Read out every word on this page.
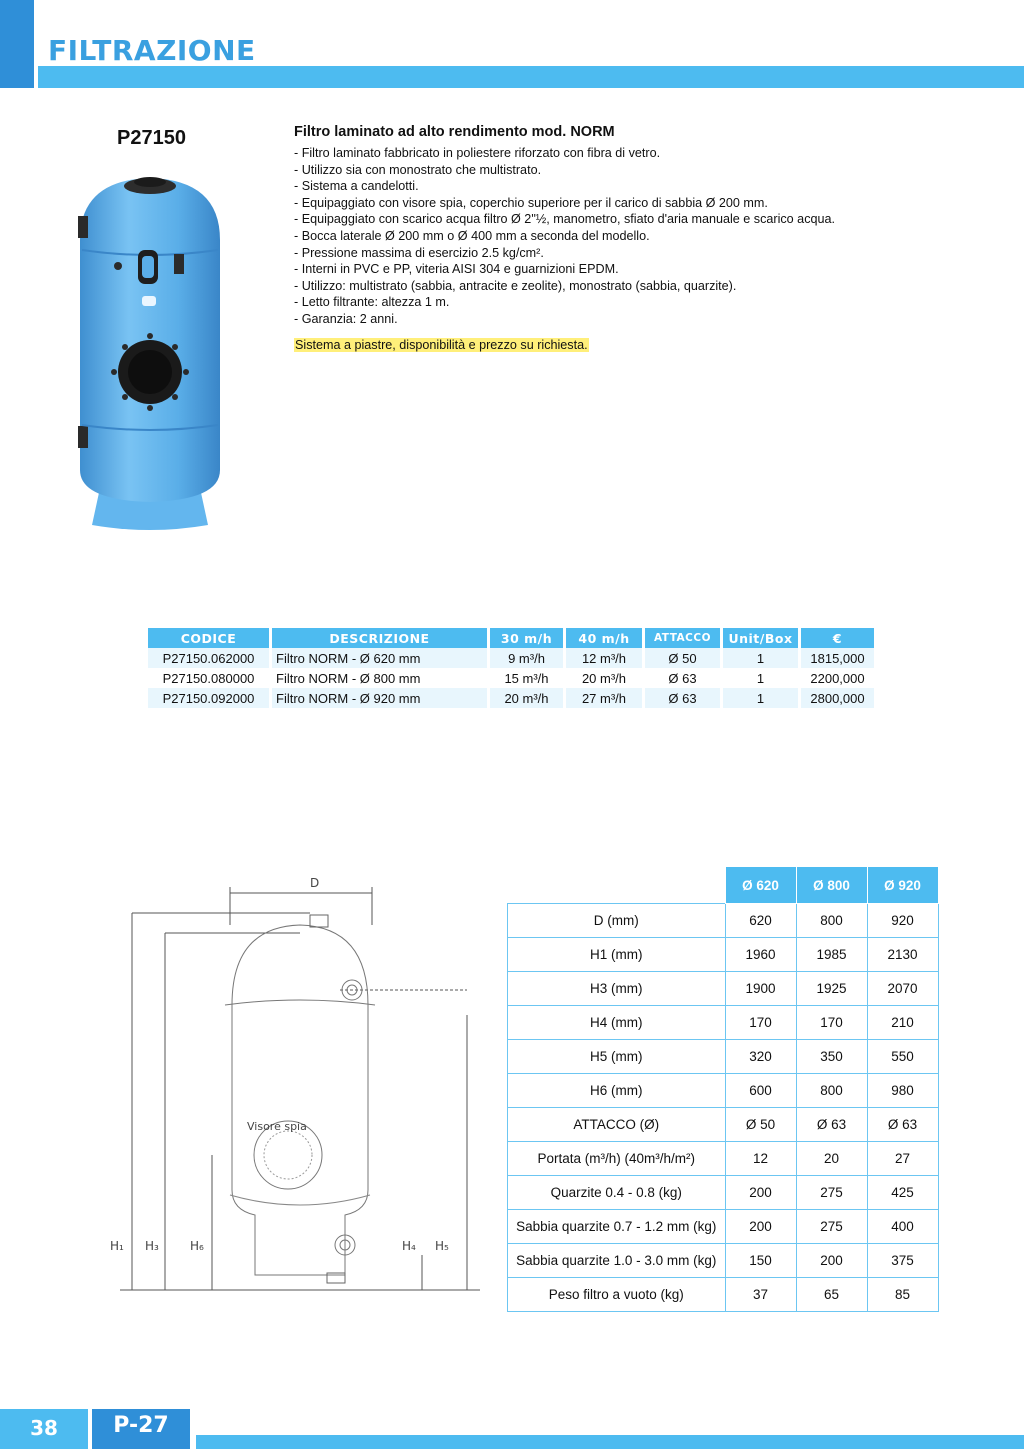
FILTRAZIONE
P27150	Filtro laminato ad alto rendimento mod. NORM
- Filtro laminato fabbricato in poliestere riforzato con fibra di vetro.
- Utilizzo sia con monostrato che multistrato.
- Sistema a candelotti.
- Equipaggiato con visore spia, coperchio superiore per il carico di sabbia Ø 200 mm.
- Equipaggiato con scarico acqua filtro Ø 2"½, manometro, sfiato d'aria manuale e scarico acqua.
- Bocca laterale Ø 200 mm o Ø 400 mm a seconda del modello.
- Pressione massima di esercizio 2.5 kg/cm².
- Interni in PVC e PP, viteria AISI 304 e guarnizioni EPDM.
- Utilizzo: multistrato (sabbia, antracite e zeolite), monostrato (sabbia, quarzite).
- Letto filtrante: altezza 1 m.
- Garanzia: 2 anni.
Sistema a piastre, disponibilità e prezzo su richiesta.
CODICE	DESCRIZIONE	30 m/h	40 m/h	ATTACCO	Unit/Box	€
P27150.062000	Filtro NORM - Ø 620 mm	9 m³/h	12 m³/h	Ø 50	1	1815,000
P27150.080000	Filtro NORM - Ø 800 mm	15 m³/h	20 m³/h	Ø 63	1	2200,000
P27150.092000	Filtro NORM - Ø 920 mm	20 m³/h	27 m³/h	Ø 63	1	2800,000
D
Visore spia
H₁ H₃	H₆	H₄ H₅
	Ø 620	Ø 800	Ø 920
D (mm)	620	800	920
H1 (mm)	1960	1985	2130
H3 (mm)	1900	1925	2070
H4 (mm)	170	170	210
H5 (mm)	320	350	550
H6 (mm)	600	800	980
ATTACCO (Ø)	Ø 50	Ø 63	Ø 63
Portata (m³/h) (40m³/h/m²)	12	20	27
Quarzite 0.4 - 0.8 (kg)	200	275	425
Sabbia quarzite 0.7 - 1.2 mm (kg)	200	275	400
Sabbia quarzite 1.0 - 3.0 mm (kg)	150	200	375
Peso filtro a vuoto (kg)	37	65	85
38	P-27
